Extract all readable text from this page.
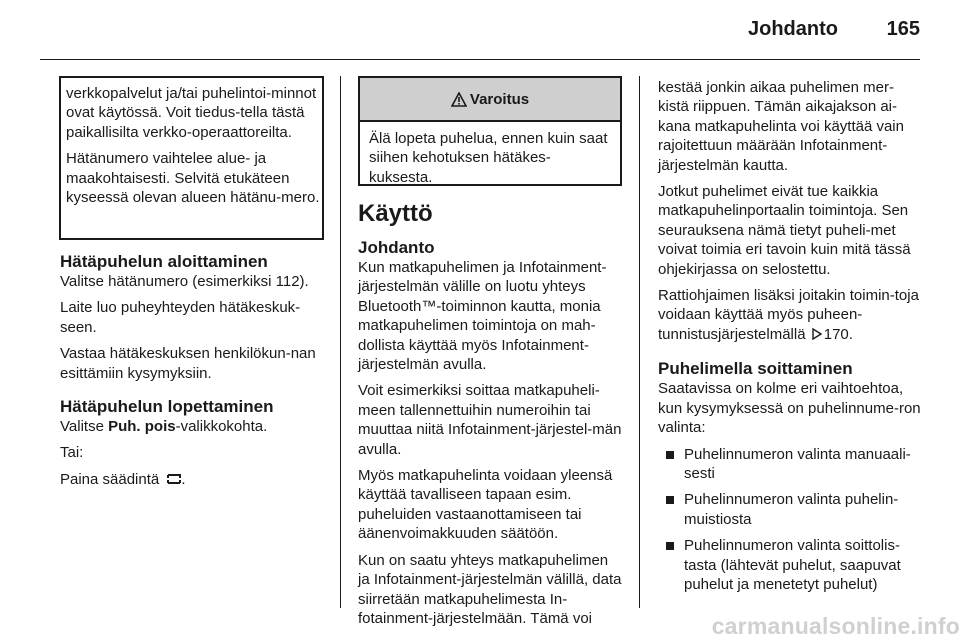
Johdanto 165

verkkopalvelut ja/tai puhelintoi-minnot ovat käytössä. Voit tiedus-tella tästä paikallisilta verkko-operaattoreilta.

Hätänumero vaihtelee alue- ja maakohtaisesti. Selvitä etukäteen kyseessä olevan alueen hätänu-mero.

Hätäpuhelun aloittaminen

Valitse hätänumero (esimerkiksi 112).

Laite luo puheyhteyden hätäkeskuk-seen.

Vastaa hätäkeskuksen henkilökun-nan esittämiin kysymyksiin.

Hätäpuhelun lopettaminen

Valitse Puh. pois-valikkokohta.

Tai:

Paina säädintä .

Varoitus
Älä lopeta puhelua, ennen kuin saat siihen kehotuksen hätäkes-kuksesta.
Käyttö
Johdanto

Kun matkapuhelimen ja Infotainment-järjestelmän välille on luotu yhteys Bluetooth™-toiminnon kautta, monia matkapuhelimen toimintoja on mah-dollista käyttää myös Infotainment-järjestelmän avulla.

Voit esimerkiksi soittaa matkapuheli-meen tallennettuihin numeroihin tai muuttaa niitä Infotainment-järjestel-män avulla.

Myös matkapuhelinta voidaan yleensä käyttää tavalliseen tapaan esim. puheluiden vastaanottamiseen tai äänenvoimakkuuden säätöön.

Kun on saatu yhteys matkapuhelimen ja Infotainment-järjestelmän välillä, data siirretään matkapuhelimesta In-fotainment-järjestelmään. Tämä voi

kestää jonkin aikaa puhelimen mer-kistä riippuen. Tämän aikajakson ai-kana matkapuhelinta voi käyttää vain rajoitettuun määrään Infotainment-järjestelmän kautta.

Jotkut puhelimet eivät tue kaikkia matkapuhelinportaalin toimintoja. Sen seurauksena nämä tietyt puheli-met voivat toimia eri tavoin kuin mitä tässä ohjekirjassa on selostettu.

Rattiohjaimen lisäksi joitakin toimin-toja voidaan käyttää myös puheen-tunnistusjärjestelmällä 170.

Puhelimella soittaminen

Saatavissa on kolme eri vaihtoehtoa, kun kysymyksessä on puhelinnume-ron valinta:

Puhelinnumeron valinta manuaali-sesti
Puhelinnumeron valinta puhelin-muistiosta
Puhelinnumeron valinta soittolis-tasta (lähtevät puhelut, saapuvat puhelut ja menetetyt puhelut)
carmanualsonline.info
